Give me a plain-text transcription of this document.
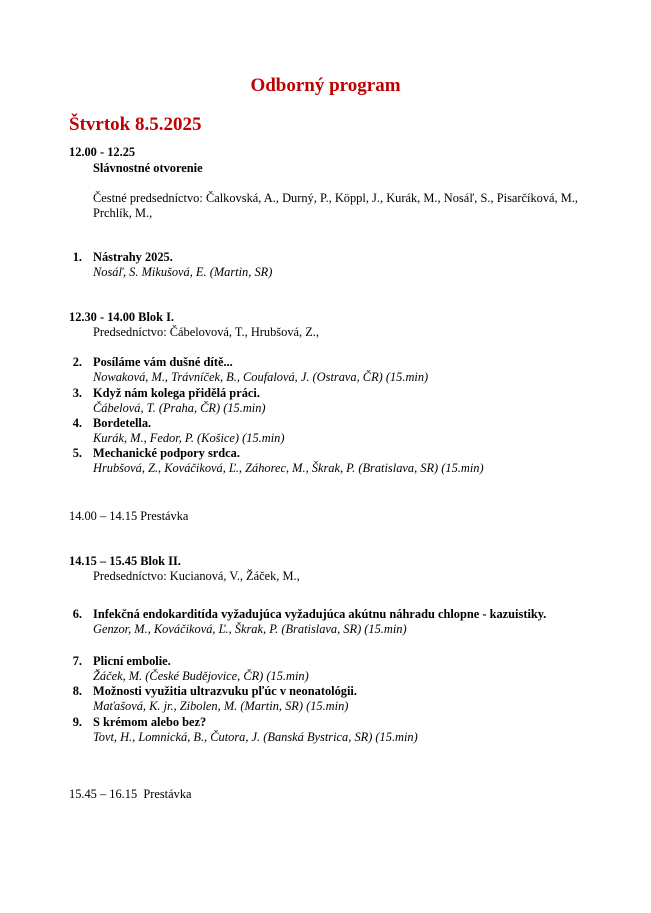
Odborný program
Štvrtok 8.5.2025
12.00 - 12.25
Slávnostné otvorenie
Čestné predsedníctvo: Čalkovská, A., Durný, P., Köppl, J., Kurák, M., Nosáľ, S., Pisarčíková, M., Prchlík, M.,
1. Nástrahy 2025.
Nosáľ, S. Mikušová, E. (Martin, SR)
12.30 - 14.00 Blok I.
Predsedníctvo: Čábelovová, T., Hrubšová, Z.,
2. Posíláme vám dušné dítě...
Nowaková, M., Trávníček, B., Coufalová, J. (Ostrava, ČR) (15.min)
3. Když nám kolega přidělá práci.
Čábelová, T. (Praha, ČR) (15.min)
4. Bordetella.
Kurák, M., Fedor, P. (Košice) (15.min)
5. Mechanické podpory srdca.
Hrubšová, Z., Kováčiková, Ľ., Záhorec, M., Škrak, P. (Bratislava, SR) (15.min)
14.00 – 14.15 Prestávka
14.15 – 15.45 Blok II.
Predsedníctvo: Kucianová, V., Žáček, M.,
6. Infekčná endokarditída vyžadujúca vyžadujúca akútnu náhradu chlopne - kazuistiky.
Genzor, M., Kováčiková, Ľ., Škrak, P. (Bratislava, SR) (15.min)
7. Plicní embolie.
Žáček, M. (České Budějovice, ČR) (15.min)
8. Možnosti využitia ultrazvuku pľúc v neonatológii.
Maťašová, K. jr., Zibolen, M. (Martin, SR) (15.min)
9. S krémom alebo bez?
Tovt, H., Lomnická, B., Čutora, J. (Banská Bystrica, SR) (15.min)
15.45 – 16.15  Prestávka
